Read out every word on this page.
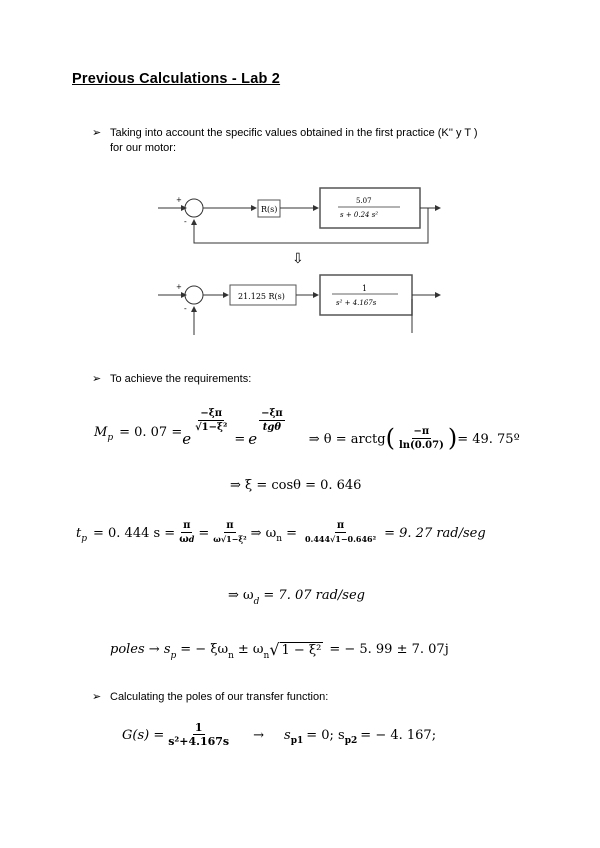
Previous Calculations - Lab 2
➢ Taking into account the specific values obtained in the first practice (K'' y T )
for our motor:
+
-
R(s)
5.07
s + 0.24 s²
⇩
+
-
21.125 R(s)
1
s² + 4.167s
➢ To achieve the requirements:
M p = 0. 07 = e
$\frac{-\xi\pi}{\text{√1−ξ²}}$
= e
$\frac{-\xi\pi}{\text{tgθ}}$
⇒ θ = arctg ( $\frac{-\pi}{\ln(0.07)}$ ) = 49. 75º
⇒ ξ = cosθ = 0. 646
t p = 0. 444 $s = \frac{\pi}{\omega d} = \frac{\pi}{\text{ω√1−ξ²}}$ ⇒ ω $n = \frac{\pi}{\text{0.444√1−0.646²}} = 9$. 27 rad/seg
⇒ ω d = 7. 07 rad/seg
poles → s p = − ξω n ± ω n √ 1 − ξ² = − 5. 99 ± 7. 07j
➢ Calculating the poles of our transfer function:
$G(s) = \frac{1}{\text{s²+4.167s}} \to s$ p1 = 0; s p2 = − 4. 167;
